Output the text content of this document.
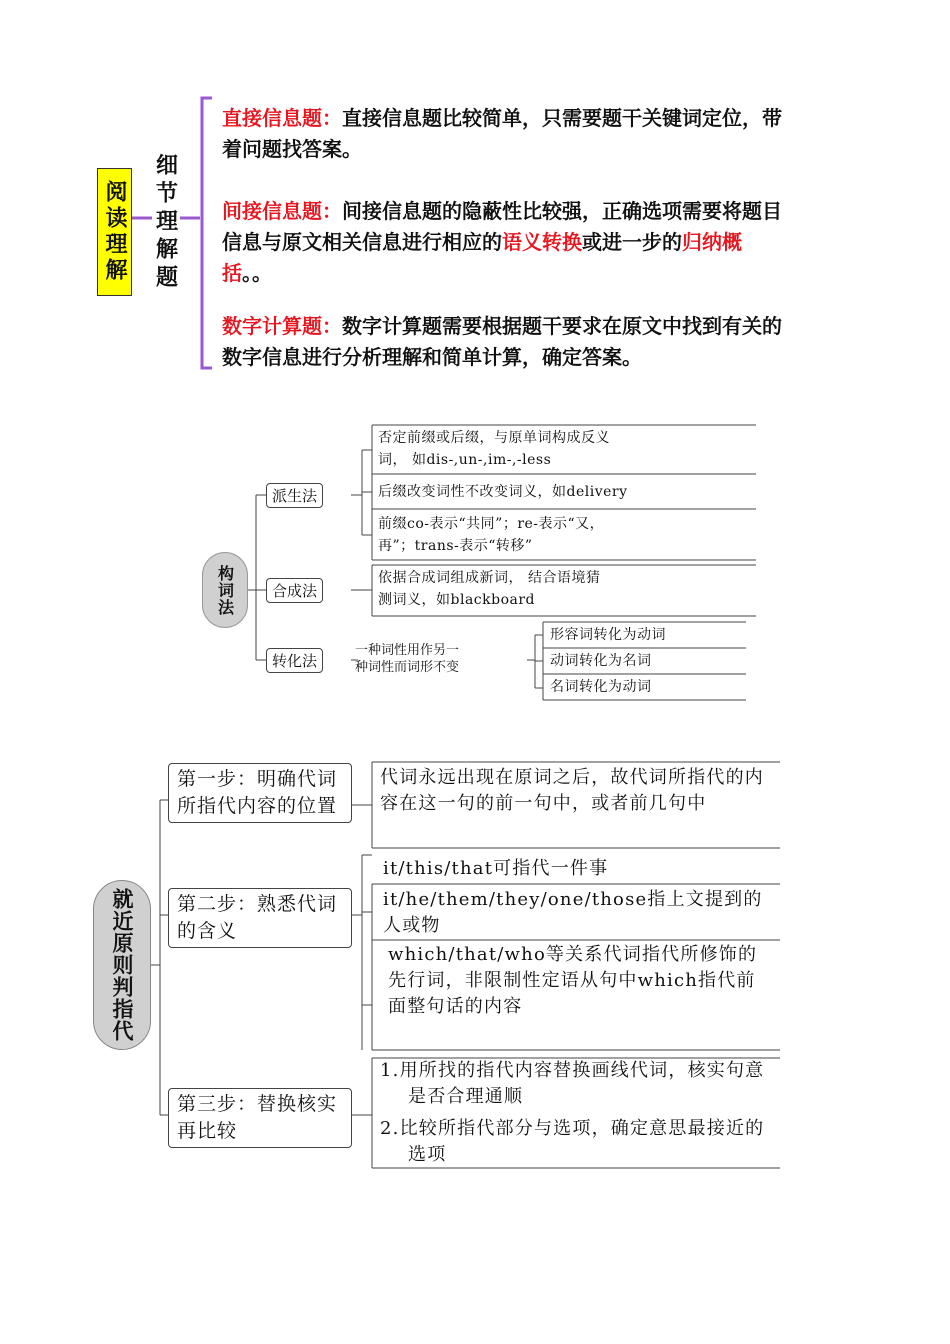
阅读理解 细节理解题
直接信息题：直接信息题比较简单，只需要题干关键词定位，带着问题找答案。
间接信息题：间接信息题的隐蔽性比较强，正确选项需要将题目信息与原文相关信息进行相应的语义转换或进一步的归纳概括。。
数字计算题：数字计算题需要根据题干要求在原文中找到有关的数字信息进行分析理解和简单计算，确定答案。
构词法
派生法
合成法
转化法
否定前缀或后缀，与原单词构成反义
词， 如dis-,un-,im-,-less
后缀改变词性不改变词义，如delivery
前缀co-表示“共同”；re-表示“又，
再”；trans-表示“转移”
依据合成词组成新词， 结合语境猜
测词义，如blackboard
一种词性用作另一
种词性而词形不变
形容词转化为动词
动词转化为名词
名词转化为动词
就近原则判指代
第一步：明确代词所指代内容的位置
第二步：熟悉代词的含义
第三步：替换核实再比较
代词永远出现在原词之后，故代词所指代的内容在这一句的前一句中，或者前几句中
it/this/that可指代一件事
it/he/them/they/one/those指上文提到的人或物
which/that/who等关系代词指代所修饰的先行词，非限制性定语从句中which指代前面整句话的内容
1.用所找的指代内容替换画线代词，核实句意是否合理通顺
2.比较所指代部分与选项，确定意思最接近的选项
